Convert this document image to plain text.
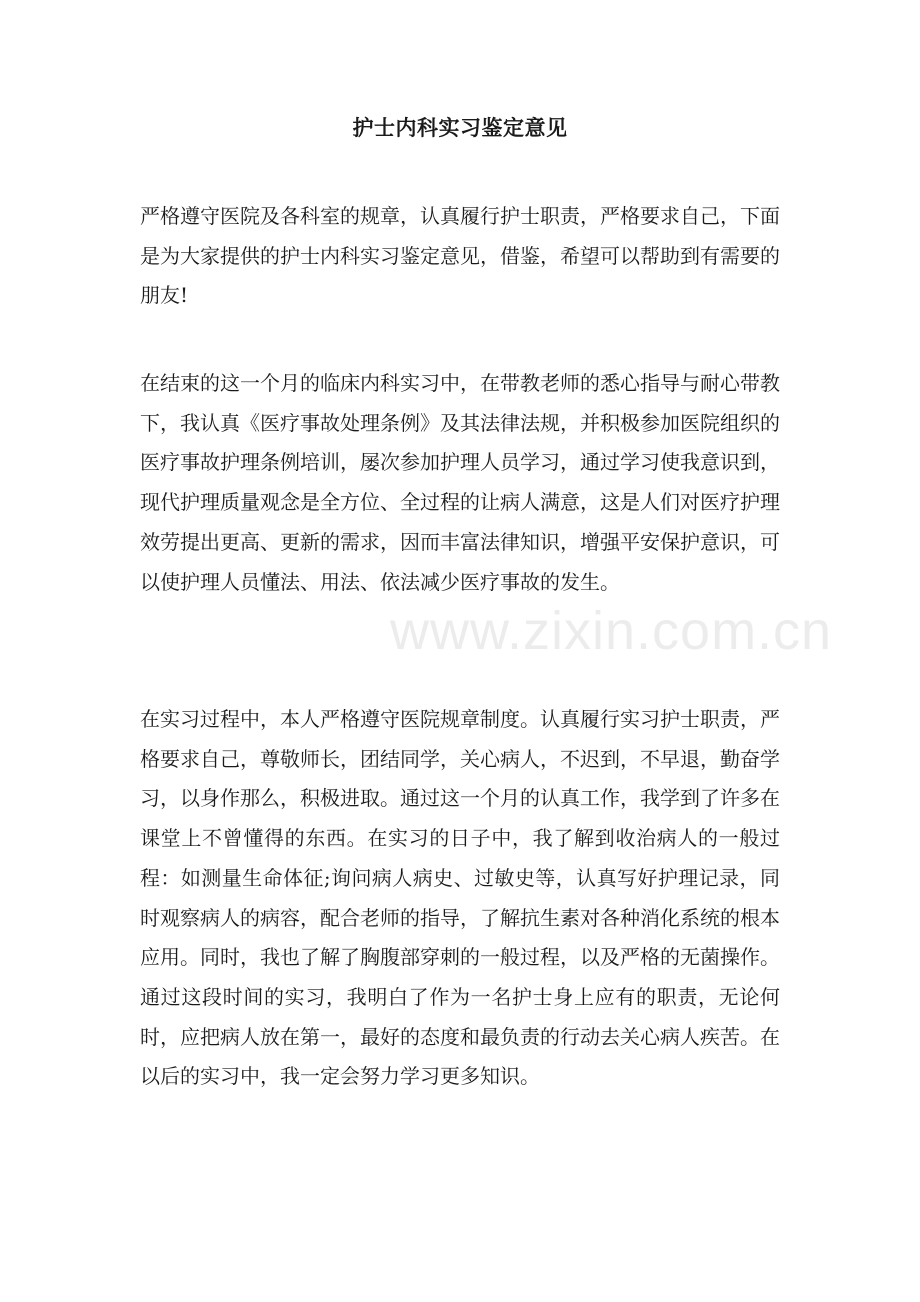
护士内科实习鉴定意见
严格遵守医院及各科室的规章，认真履行护士职责，严格要求自己，下面是为大家提供的护士内科实习鉴定意见，借鉴，希望可以帮助到有需要的朋友!
在结束的这一个月的临床内科实习中，在带教老师的悉心指导与耐心带教下，我认真《医疗事故处理条例》及其法律法规，并积极参加医院组织的医疗事故护理条例培训，屡次参加护理人员学习，通过学习使我意识到，现代护理质量观念是全方位、全过程的让病人满意，这是人们对医疗护理效劳提出更高、更新的需求，因而丰富法律知识，增强平安保护意识，可以使护理人员懂法、用法、依法减少医疗事故的发生。
在实习过程中，本人严格遵守医院规章制度。认真履行实习护士职责，严格要求自己，尊敬师长，团结同学，关心病人，不迟到，不早退，勤奋学习，以身作那么，积极进取。通过这一个月的认真工作，我学到了许多在课堂上不曾懂得的东西。在实习的日子中，我了解到收治病人的一般过程：如测量生命体征;询问病人病史、过敏史等，认真写好护理记录，同时观察病人的病容，配合老师的指导，了解抗生素对各种消化系统的根本应用。同时，我也了解了胸腹部穿刺的一般过程，以及严格的无菌操作。通过这段时间的实习，我明白了作为一名护士身上应有的职责，无论何时，应把病人放在第一，最好的态度和最负责的行动去关心病人疾苦。在以后的实习中，我一定会努力学习更多知识。
www.zixin.com.cn
